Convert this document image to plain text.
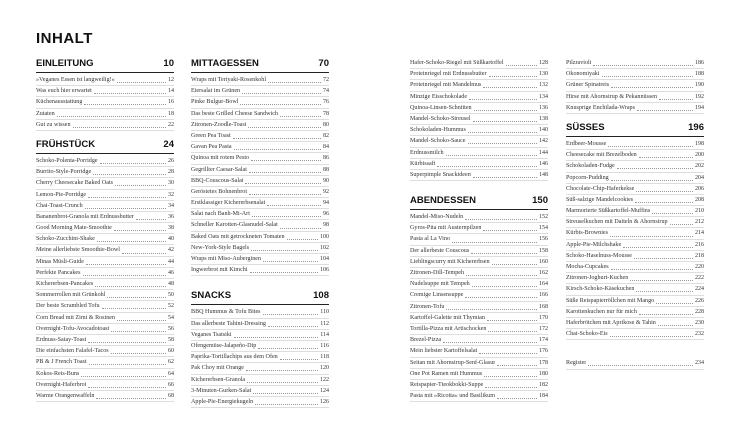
INHALT
EINLEITUNG	10
»Veganes Essen ist langweilig!«	12
Was euch hier erwartet	14
Küchenausstattung	16
Zutaten	18
Gut zu wissen	22
FRÜHSTÜCK	24
Schoko-Polenta-Porridge	26
Burrito-Style-Porridge	28
Cherry Cheesecake Baked Oats	30
Lemon-Pie-Porridge	32
Chai-Toast-Crunch	34
Bananenbrot-Granola mit Erdnussbutter	36
Good Morning Mate-Smoothie	38
Schoko-Zucchini-Shake	40
Meine allerliebste Smoothie-Bowl	42
Minas Müsli-Guide	44
Perfekte Pancakes	46
Kichererbsen-Pancakes	48
Sommerrollen mit Grünkohl	50
Der beste Scrambled Tofu	52
Corn Bread mit Zimt & Rosinen	54
Overnight-Tofu-Avocadotoast	56
Erdnuss-Satay-Toast	58
Die einfachsten Falafel-Tacos	60
PB & J French Toast	62
Kokos-Reis-Buns	64
Overnight-Haferbrot	66
Warme Orangenwaffeln	68
MITTAGESSEN	70
Wraps mit Teriyaki-Rosenkohl	72
Eiersalat im Grünen	74
Pinke Bulgur-Bowl	76
Das beste Grilled Cheese Sandwich	78
Zitronen-Zoodle-Toast	80
Green Pea Toast	82
Gavan Pea Pasta	84
Quinoa mit rotem Pesto	86
Gegrillter Caesar-Salat	88
BBQ-Couscous-Salat	90
Geröstetes Bohnenbrot	92
Erstklassiger Kichererbsenalat	94
Salat nach Banh-Mi-Art	96
Schneller Karotten-Glasnudel-Salat	98
Baked Oats mit getrockneten Tomaten	100
New-York-Style Bagels	102
Wraps mit Miso-Auberginen	104
Ingwerbrot mit Kimchi	106
SNACKS	108
BBQ Hummus & Tofu Bites	110
Das allerbeste Tahini-Dressing	112
Veganes Tsatsiki	114
Ofengemüse-Jalapeño-Dip	116
Paprika-Tortillachips aus dem Ofen	118
Pak Choy mit Orange	120
Kichererbsen-Granola	122
3-Minuten-Gurken-Salat	124
Apple-Pie-Energiekugeln	126
Hafer-Schoko-Riegel mit Süßkartoffel	128
Proteinriegel mit Erdnussbutter	130
Proteinriegel mit Mandelmus	132
Minzige Eisschokolade	134
Quinoa-Linsen-Schnitten	136
Mandel-Schoko-Streusel	138
Schokoladen-Hummus	140
Mandel-Schoko-Sauce	142
Erdnussmilch	144
Kürbissaft	146
Superpimple Snackideen	148
ABENDESSEN	150
Mandel-Miso-Nudeln	152
Gyros-Pita mit Austernpilzen	154
Pasta al La Vino	156
Der allerbeste Couscous	158
Lieblingscurry mit Kichererbsen	160
Zitronen-Dill-Tempeh	162
Nudelsuppe mit Tempeh	164
Cremige Linsensuppe	166
Zitronen-Tofu	168
Kartoffel-Galette mit Thymian	170
Tortilla-Pizza mit Artischocken	172
Brezel-Pizza	174
Mein liebster Kartoffelsalat	176
Seitan mit Ahornsirup-Senf-Glasur	178
One Pot Ramen mit Hummus	180
Reispapier-Tteokbokki-Suppe	182
Pasta mit »Ricotta« und Basilikum	184
Pilzravioli	186
Okonomiyaki	188
Grüner Spinatreis	190
Hirse mit Ahornsirup & Pekannüssen	192
Knusprige Enchilada-Wraps	194
SÜSSES	196
Erdbeer-Mousse	198
Cheesecake mit Brezelboden	200
Schokoladen-Fudge	202
Popcorn-Pudding	204
Chocolate-Chip-Haferkekse	206
Süß-salzige Mandelcookies	208
Marmorierte Süßkartoffel-Muffins	210
Streuselkuchen mit Datteln & Ahornsirup	212
Kürbis-Brownies	214
Apple-Pie-Milchshake	216
Schoko-Haselnuss-Mousse	218
Mocha-Cupcakes	220
Zitronen-Joghurt-Kuchen	222
Kirsch-Schoko-Käsekuchen	224
Süße Reispapierröllchen mit Mango	226
Karottenkuchen nur für mich	228
Haferbrötchen mit Aprikose & Tahin	230
Chai-Schoko-Eis	232
Register	234
